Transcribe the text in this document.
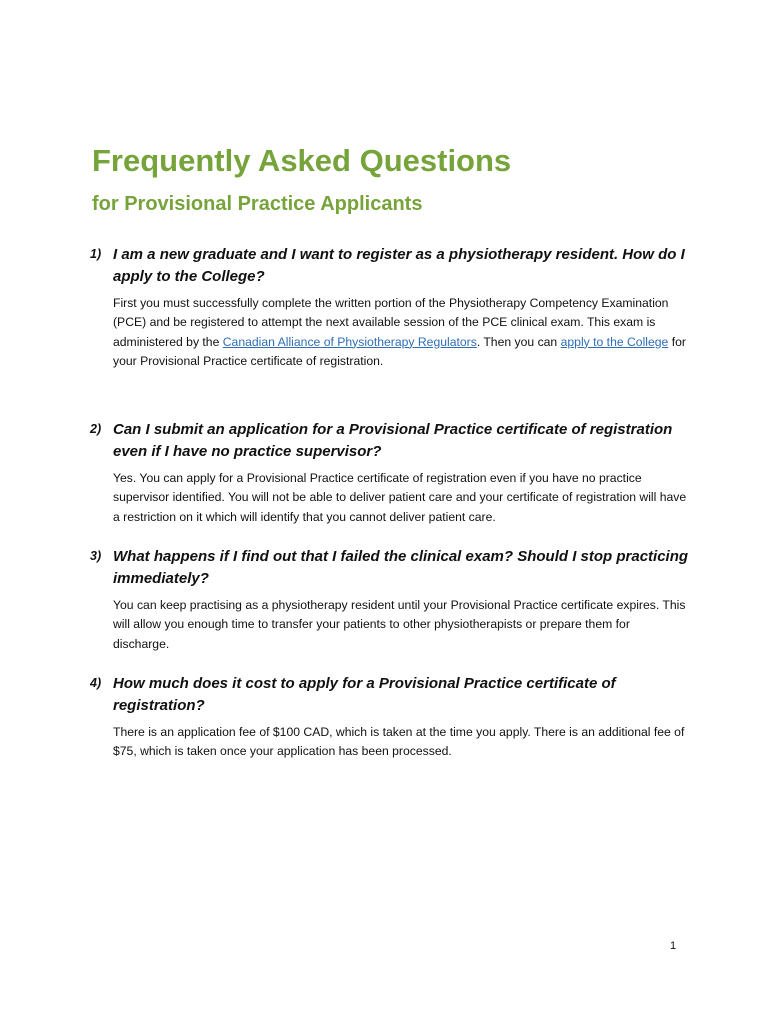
Frequently Asked Questions
for Provisional Practice Applicants
1) I am a new graduate and I want to register as a physiotherapy resident. How do I apply to the College?

First you must successfully complete the written portion of the Physiotherapy Competency Examination (PCE) and be registered to attempt the next available session of the PCE clinical exam. This exam is administered by the Canadian Alliance of Physiotherapy Regulators. Then you can apply to the College for your Provisional Practice certificate of registration.

2) Can I submit an application for a Provisional Practice certificate of registration even if I have no practice supervisor?

Yes. You can apply for a Provisional Practice certificate of registration even if you have no practice supervisor identified. You will not be able to deliver patient care and your certificate of registration will have a restriction on it which will identify that you cannot deliver patient care.

3) What happens if I find out that I failed the clinical exam? Should I stop practicing immediately?

You can keep practising as a physiotherapy resident until your Provisional Practice certificate expires. This will allow you enough time to transfer your patients to other physiotherapists or prepare them for discharge.

4) How much does it cost to apply for a Provisional Practice certificate of registration?

There is an application fee of $100 CAD, which is taken at the time you apply. There is an additional fee of $75, which is taken once your application has been processed.

1
